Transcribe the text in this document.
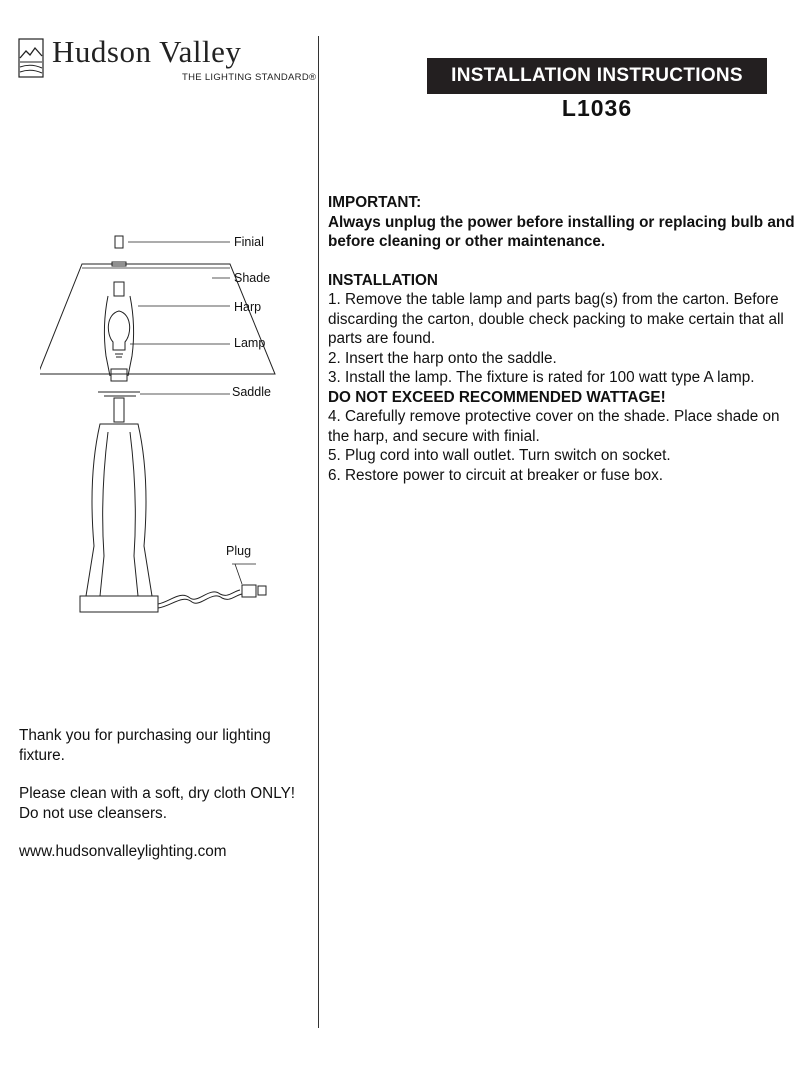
Hudson Valley
THE LIGHTING STANDARD®	INSTALLATION INSTRUCTIONS
L1036

IMPORTANT:

Always unplug the power before installing or replacing bulb and before cleaning or other maintenance.

INSTALLATION

1. Remove the table lamp and parts bag(s) from the carton. Before discarding the carton, double check packing to make certain that all parts are found.

2. Insert the harp onto the saddle.

3. Install the lamp. The fixture is rated for 100 watt type A lamp.

DO NOT EXCEED RECOMMENDED WATTAGE!

4. Carefully remove protective cover on the shade. Place shade on the harp, and secure with finial.

5. Plug cord into wall outlet. Turn switch on socket.

6. Restore power to circuit at breaker or fuse box.

Finial
Shade
Harp
Lamp
Saddle
Plug

Thank you for purchasing our lighting fixture.

Please clean with a soft, dry cloth ONLY! Do not use cleansers.

www.hudsonvalleylighting.com
